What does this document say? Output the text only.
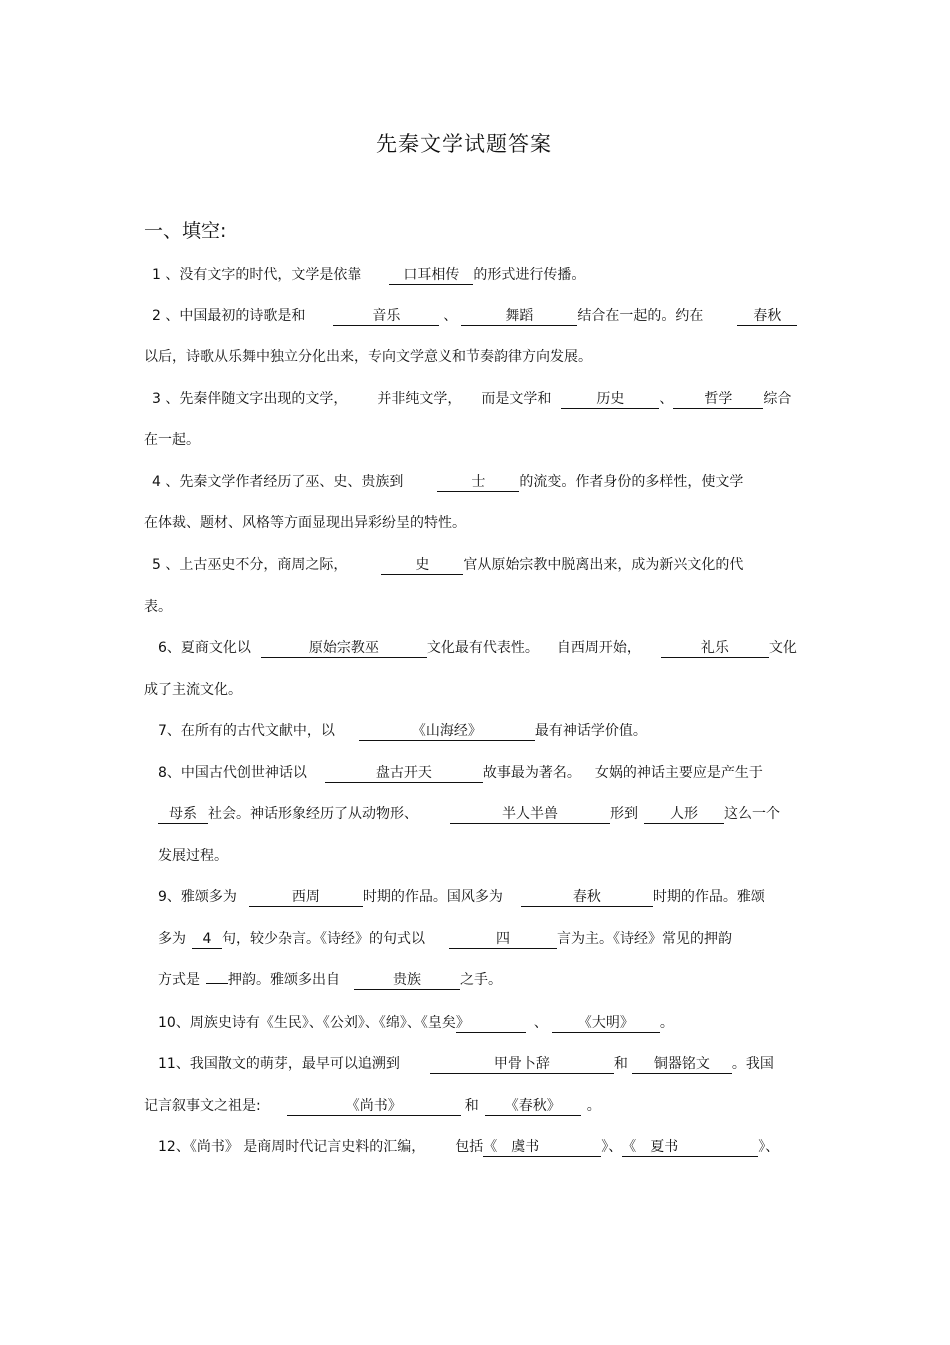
先秦文学试题答案
一、填空:
1 、没有文字的时代，文学是依靠	口耳相传 的形式进行传播。
2 、中国最初的诗歌是和	音乐	、	舞蹈	结合在一起的。约在	春秋
以后，诗歌从乐舞中独立分化出来，专向文学意义和节奏韵律方向发展。
3 、先秦伴随文字出现的文学， 并非纯文学， 而是文学和	历史	、 哲学 综合
在一起。
4 、先秦文学作者经历了巫、史、贵族到	士 的流变。作者身份的多样性，使文学
在体裁、题材、风格等方面显现出异彩纷呈的特性。
5 、上古巫史不分，商周之际，	史 官从原始宗教中脱离出来，成为新兴文化的代
表。
6、夏商文化以	原始宗教巫	文化最有代表性。 自西周开始，	礼乐	文化
成了主流文化。
7、在所有的古代文献中，以	《山海经》	最有神话学价值。
8、中国古代创世神话以	盘古开天	故事最为著名。 女娲的神话主要应是产生于
母系 社会。神话形象经历了从动物形、	半人半兽	形到 人形 这么一个
发展过程。
9、雅颂多为	西周	时期的作品。国风多为	春秋	时期的作品。雅颂
多为 4 句，较少杂言。《诗经》的句式以	四	言为主。《诗经》常见的押韵
方式是 押韵。雅颂多出自	贵族	之手。
10、周族史诗有《生民》、《公刘》、《绵》、《皇矣》	、 《大明》 。
11、我国散文的萌芽，最早可以追溯到	甲骨卜辞	和 铜器铭文 。我国
记言叙事文之祖是:	《尚书》	和 《春秋》 。
12、《尚书》 是商周时代记言史料的汇编， 包括《　虞书	》、《　夏书	》、
